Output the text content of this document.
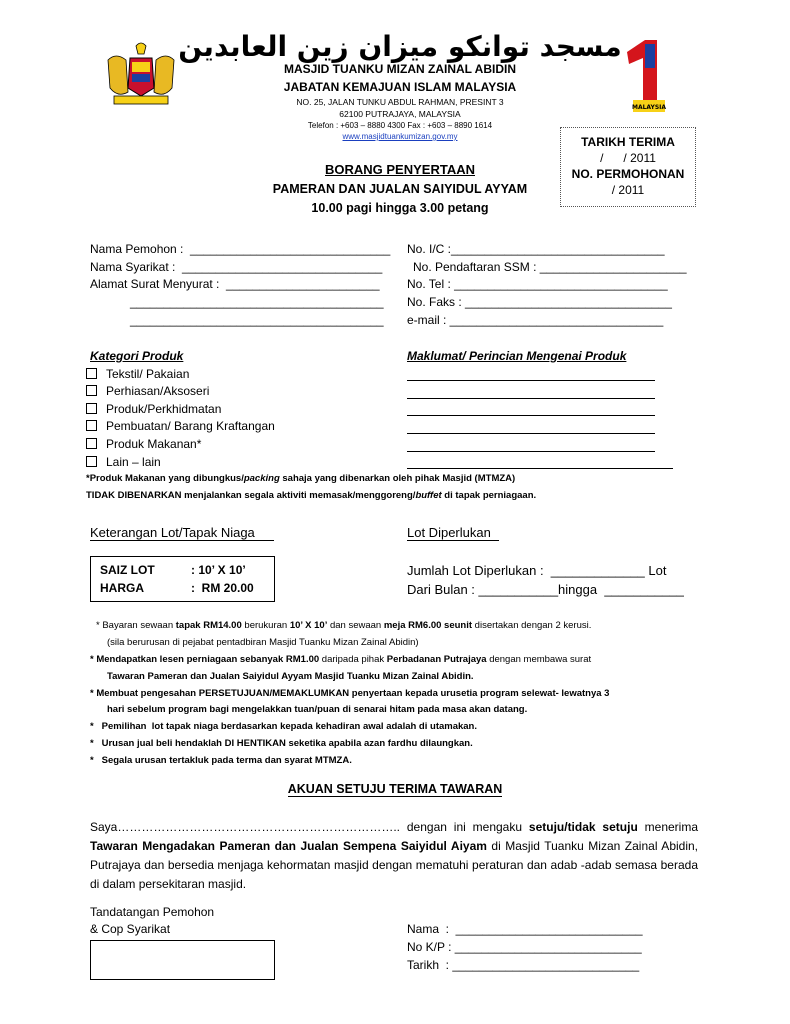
مسجد توانکو ميزان زين العابدين
MALAYSIA
MASJID TUANKU MIZAN ZAINAL ABIDIN
JABATAN KEMAJUAN ISLAM MALAYSIA
NO. 25, JALAN TUNKU ABDUL RAHMAN, PRESINT 3
62100 PUTRAJAYA, MALAYSIA
Telefon : +603 – 8880 4300 Fax : +603 – 8890 1614
www.masjidtuankumizan.gov.my	TARIKH TERIMA
/      / 2011
NO. PERMOHONAN
/ 2011
BORANG PENYERTAAN
PAMERAN DAN JUALAN SAIYIDUL AYYAM
10.00 pagi hingga 3.00 petang
Nama Pemohon :  ______________________________
Nama Syarikat :  ______________________________
Alamat Surat Menyurat :  _______________________
______________________________________
______________________________________
No. I/C :________________________________
No. Pendaftaran SSM : ______________________
No. Tel : ________________________________
No. Faks : _______________________________
e-mail : ________________________________
Kategori Produk
Tekstil/ Pakaian
Perhiasan/Aksoseri
Produk/Perkhidmatan
Pembuatan/ Barang Kraftangan
Produk Makanan*
Lain – lain
Maklumat/ Perincian Mengenai Produk
*Produk Makanan yang dibungkus/packing sahaja yang dibenarkan oleh pihak Masjid (MTMZA)
TIDAK DIBENARKAN menjalankan segala aktiviti memasak/menggoreng/buffet di tapak perniagaan.
Keterangan Lot/Tapak Niaga	Lot Diperlukan
SAIZ LOT	: 10’ X 10’
HARGA	:  RM 20.00
Jumlah Lot Diperlukan :  _____________ Lot
Dari Bulan : ___________hingga  ___________
* Bayaran sewaan tapak RM14.00 berukuran 10’ X 10’ dan sewaan meja RM6.00 seunit disertakan dengan 2 kerusi.
(sila berurusan di pejabat pentadbiran Masjid Tuanku Mizan Zainal Abidin)
* Mendapatkan lesen perniagaan sebanyak RM1.00 daripada pihak Perbadanan Putrajaya dengan membawa surat
Tawaran Pameran dan Jualan Saiyidul Ayyam Masjid Tuanku Mizan Zainal Abidin.
* Membuat pengesahan PERSETUJUAN/MEMAKLUMKAN penyertaan kepada urusetia program selewat- lewatnya 3
hari sebelum program bagi mengelakkan tuan/puan di senarai hitam pada masa akan datang.
*   Pemilihan  lot tapak niaga berdasarkan kepada kehadiran awal adalah di utamakan.
*   Urusan jual beli hendaklah DI HENTIKAN seketika apabila azan fardhu dilaungkan.
*   Segala urusan tertakluk pada terma dan syarat MTMZA.
AKUAN SETUJU TERIMA TAWARAN
Saya…………………………………………………………….. dengan ini mengaku setuju/tidak setuju menerima Tawaran Mengadakan Pameran dan Jualan Sempena Saiyidul Aiyam di Masjid Tuanku Mizan Zainal Abidin, Putrajaya dan bersedia menjaga kehormatan masjid dengan mematuhi peraturan dan adab -adab semasa berada di dalam persekitaran masjid.
Tandatangan Pemohon
& Cop Syarikat	Nama  :  ____________________________
No K/P : ____________________________
Tarikh  : ____________________________
